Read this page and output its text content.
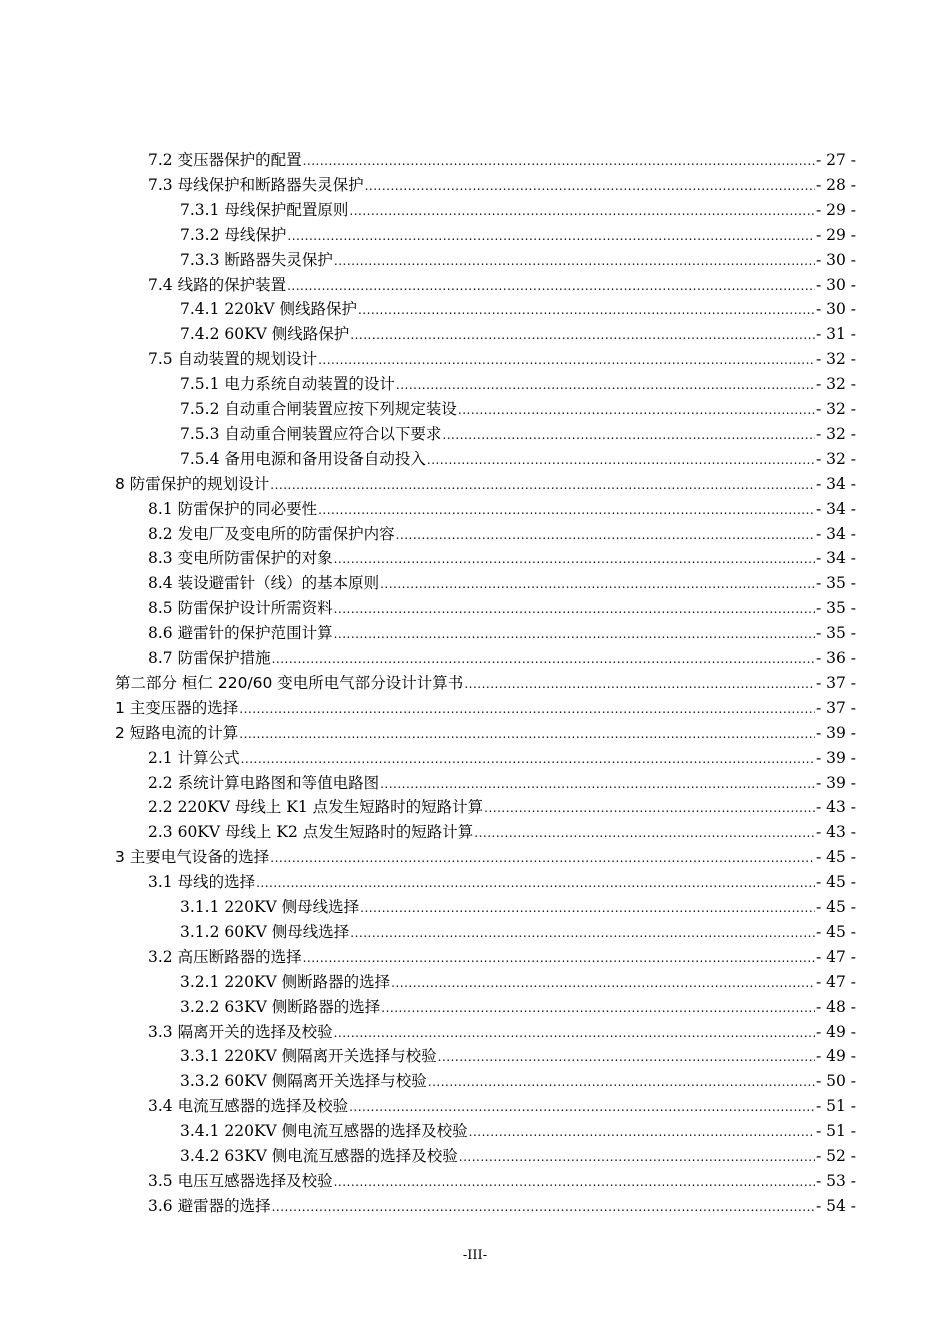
7.2 变压器保护的配置 .....	- 27 -
7.3 母线保护和断路器失灵保护 .....	- 28 -
7.3.1 母线保护配置原则 .....	- 29 -
7.3.2 母线保护 .....	- 29 -
7.3.3 断路器失灵保护 .....	- 30 -
7.4 线路的保护装置 .....	- 30 -
7.4.1 220kV 侧线路保护 .....	- 30 -
7.4.2 60KV 侧线路保护 .....	- 31 -
7.5 自动装置的规划设计 .....	- 32 -
7.5.1 电力系统自动装置的设计 .....	- 32 -
7.5.2 自动重合闸装置应按下列规定装设 .....	- 32 -
7.5.3 自动重合闸装置应符合以下要求 .....	- 32 -
7.5.4 备用电源和备用设备自动投入 .....	- 32 -
8 防雷保护的规划设计 .....	- 34 -
8.1 防雷保护的同必要性 .....	- 34 -
8.2 发电厂及变电所的防雷保护内容 .....	- 34 -
8.3 变电所防雷保护的对象 .....	- 34 -
8.4 装设避雷针（线）的基本原则 .....	- 35 -
8.5 防雷保护设计所需资料 .....	- 35 -
8.6 避雷针的保护范围计算 .....	- 35 -
8.7 防雷保护措施 .....	- 36 -
第二部分 桓仁 220/60 变电所电气部分设计计算书 .....	- 37 -
1 主变压器的选择 .....	- 37 -
2 短路电流的计算 .....	- 39 -
2.1 计算公式 .....	- 39 -
2.2 系统计算电路图和等值电路图 .....	- 39 -
2.2 220KV 母线上 K1 点发生短路时的短路计算 .....	- 43 -
2.3 60KV 母线上 K2 点发生短路时的短路计算 .....	- 43 -
3 主要电气设备的选择 .....	- 45 -
3.1 母线的选择 .....	- 45 -
3.1.1 220KV 侧母线选择 .....	- 45 -
3.1.2 60KV 侧母线选择 .....	- 45 -
3.2 高压断路器的选择 .....	- 47 -
3.2.1 220KV 侧断路器的选择 .....	- 47 -
3.2.2 63KV 侧断路器的选择 .....	- 48 -
3.3 隔离开关的选择及校验 .....	- 49 -
3.3.1 220KV 侧隔离开关选择与校验 .....	- 49 -
3.3.2 60KV 侧隔离开关选择与校验 .....	- 50 -
3.4 电流互感器的选择及校验 .....	- 51 -
3.4.1 220KV 侧电流互感器的选择及校验 .....	- 51 -
3.4.2 63KV 侧电流互感器的选择及校验 .....	- 52 -
3.5 电压互感器选择及校验 .....	- 53 -
3.6 避雷器的选择 .....	- 54 -
-III-
